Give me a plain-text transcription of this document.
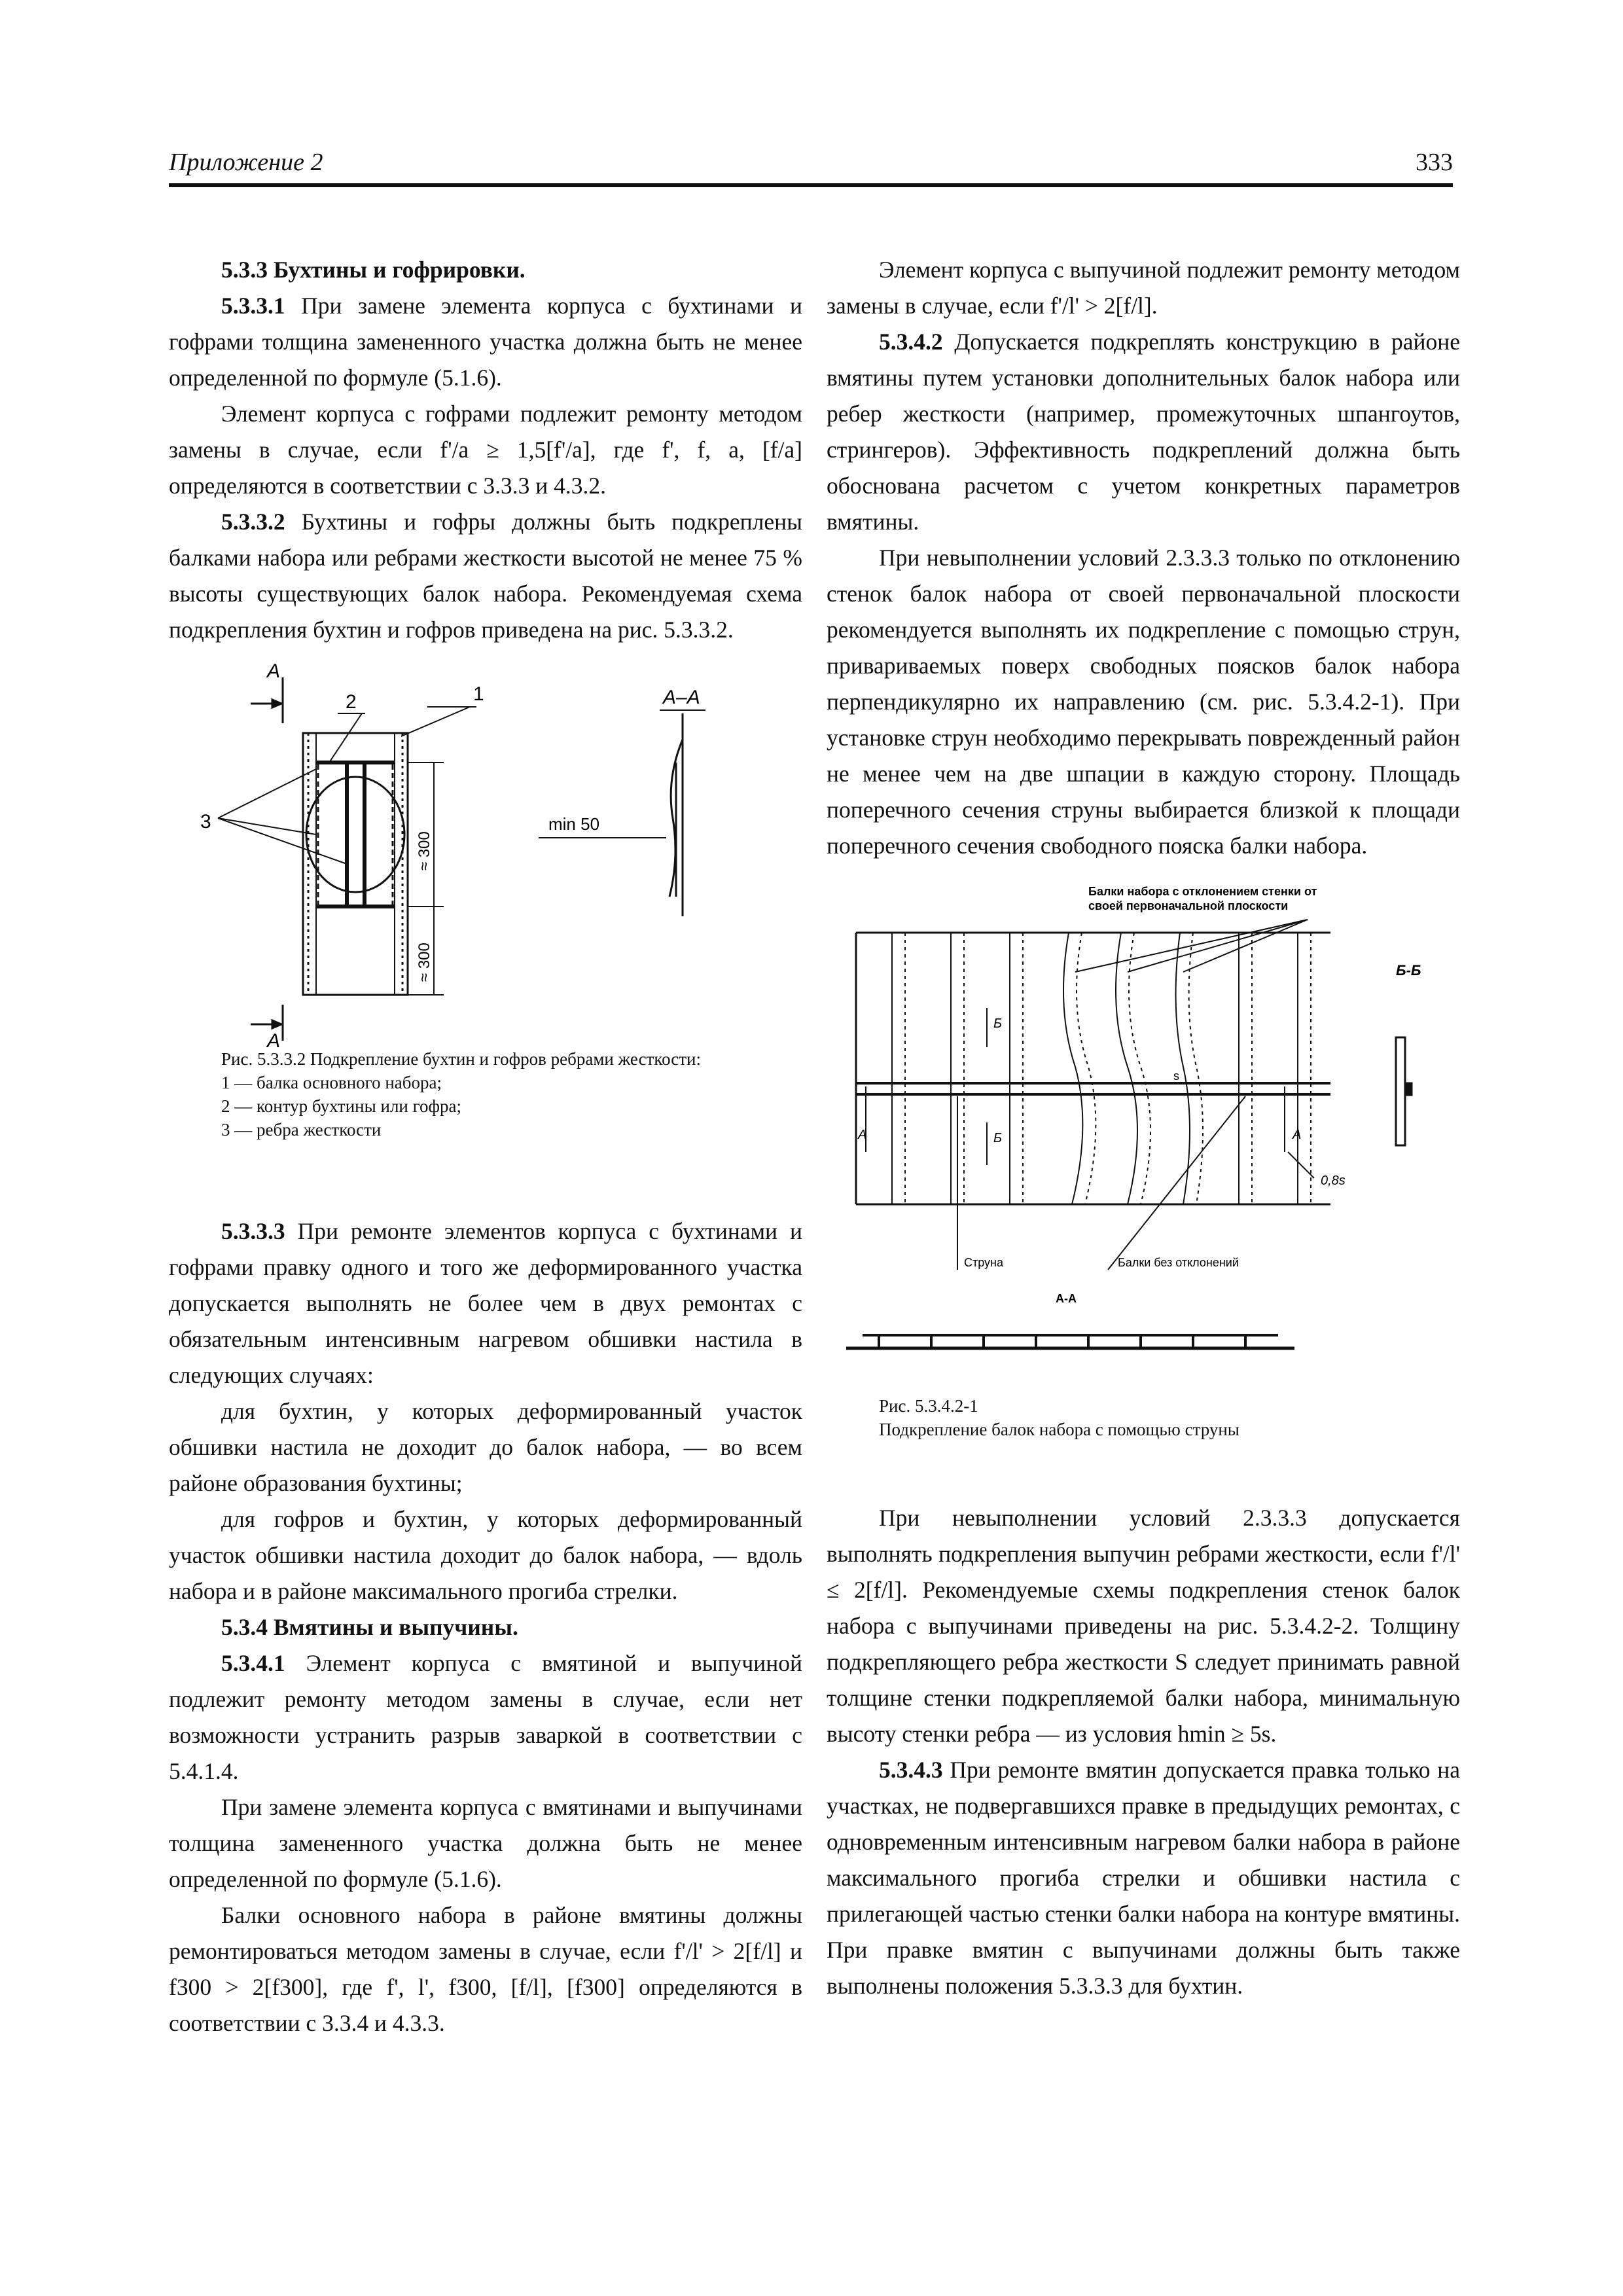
Приложение 2	333

5.3.3 Бухтины и гофрировки.

5.3.3.1 При замене элемента корпуса с бухтинами и гофрами толщина замененного участка должна быть не менее определенной по формуле (5.1.6).

Элемент корпуса с гофрами подлежит ремонту методом замены в случае, если f'/a ≥ 1,5[f'/a], где f', f, a, [f/a] определяются в соответствии с 3.3.3 и 4.3.2.

5.3.3.2 Бухтины и гофры должны быть подкреплены балками набора или ребрами жесткости высотой не менее 75 % высоты существующих балок набора. Рекомендуемая схема подкрепления бухтин и гофров приведена на рис. 5.3.3.2.

А
А
А–А
1
2
3	min 50
≈ 300
≈ 300

Рис. 5.3.3.2 Подкрепление бухтин и гофров ребрами жесткости:
1 — балка основного набора;
2 — контур бухтины или гофра;
3 — ребра жесткости

5.3.3.3 При ремонте элементов корпуса с бухтинами и гофрами правку одного и того же деформированного участка допускается выполнять не более чем в двух ремонтах с обязательным интенсивным нагревом обшивки настила в следующих случаях:

для бухтин, у которых деформированный участок обшивки настила не доходит до балок набора, — во всем районе образования бухтины;

для гофров и бухтин, у которых деформированный участок обшивки настила доходит до балок набора, — вдоль набора и в районе максимального прогиба стрелки.

5.3.4 Вмятины и выпучины.

5.3.4.1 Элемент корпуса с вмятиной и выпучиной подлежит ремонту методом замены в случае, если нет возможности устранить разрыв заваркой в соответствии с 5.4.1.4.

При замене элемента корпуса с вмятинами и выпучинами толщина замененного участка должна быть не менее определенной по формуле (5.1.6).

Балки основного набора в районе вмятины должны ремонтироваться методом замены в случае, если f'/l' > 2[f/l] и f300 > 2[f300], где f', l', f300, [f/l], [f300] определяются в соответствии с 3.3.4 и 4.3.3.

Элемент корпуса с выпучиной подлежит ремонту методом замены в случае, если f'/l' > 2[f/l].

5.3.4.2 Допускается подкреплять конструкцию в районе вмятины путем установки дополнительных балок набора или ребер жесткости (например, промежуточных шпангоутов, стрингеров). Эффективность подкреплений должна быть обоснована расчетом с учетом конкретных параметров вмятины.

При невыполнении условий 2.3.3.3 только по отклонению стенок балок набора от своей первоначальной плоскости рекомендуется выполнять их подкрепление с помощью струн, привариваемых поверх свободных поясков балок набора перпендикулярно их направлению (см. рис. 5.3.4.2-1). При установке струн необходимо перекрывать поврежденный район не менее чем на две шпации в каждую сторону. Площадь поперечного сечения струны выбирается близкой к площади поперечного сечения свободного пояска балки набора.

Балки набора с отклонением стенки от
своей первоначальной плоскости
Б-Б
Б
Б
А	А
s
0,8s
Струна	Балки без отклонений
А-А

Рис. 5.3.4.2-1
Подкрепление балок набора с помощью струны

При невыполнении условий 2.3.3.3 допускается выполнять подкрепления выпучин ребрами жесткости, если f'/l' ≤ 2[f/l]. Рекомендуемые схемы подкрепления стенок балок набора с выпучинами приведены на рис. 5.3.4.2-2. Толщину подкрепляющего ребра жесткости S следует принимать равной толщине стенки подкрепляемой балки набора, минимальную высоту стенки ребра — из условия hmin ≥ 5s.

5.3.4.3 При ремонте вмятин допускается правка только на участках, не подвергавшихся правке в предыдущих ремонтах, с одновременным интенсивным нагревом балки набора в районе максимального прогиба стрелки и обшивки настила с прилегающей частью стенки балки набора на контуре вмятины. При правке вмятин с выпучинами должны быть также выполнены положения 5.3.3.3 для бухтин.
